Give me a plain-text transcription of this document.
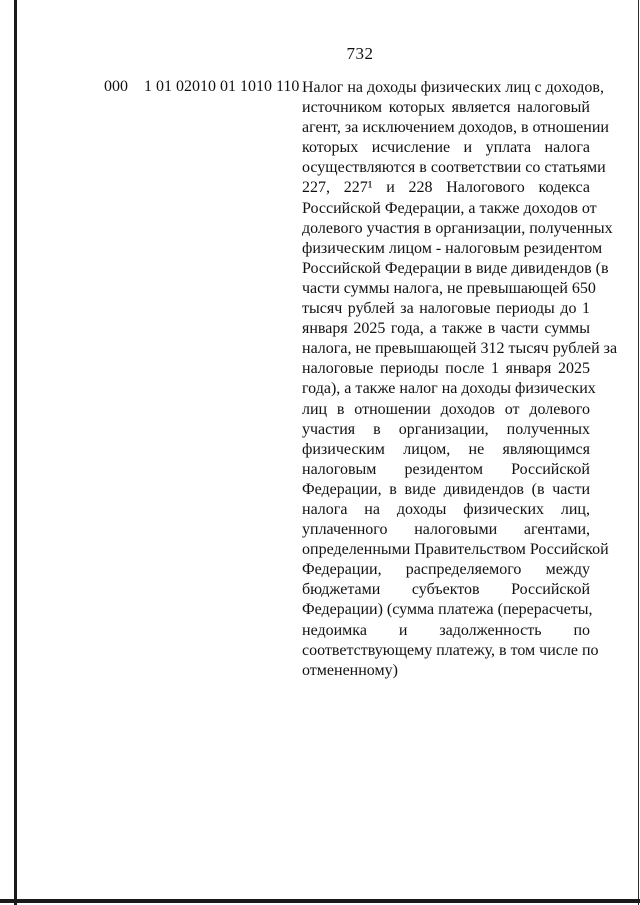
732
000 1 01 02010 01 1010 110 Налог на доходы физических лиц с доходов,
источником которых является налоговый
агент, за исключением доходов, в отношении
которых исчисление и уплата налога
осуществляются в соответствии со статьями
227, 227¹ и 228 Налогового кодекса
Российской Федерации, а также доходов от
долевого участия в организации, полученных
физическим лицом - налоговым резидентом
Российской Федерации в виде дивидендов (в
части суммы налога, не превышающей 650
тысяч рублей за налоговые периоды до 1
января 2025 года, а также в части суммы
налога, не превышающей 312 тысяч рублей за
налоговые периоды после 1 января 2025
года), а также налог на доходы физических
лиц в отношении доходов от долевого
участия в организации, полученных
физическим лицом, не являющимся
налоговым резидентом Российской
Федерации, в виде дивидендов (в части
налога на доходы физических лиц,
уплаченного налоговыми агентами,
определенными Правительством Российской
Федерации, распределяемого между
бюджетами субъектов Российской
Федерации) (сумма платежа (перерасчеты,
недоимка и задолженность по
соответствующему платежу, в том числе по
отмененному)
